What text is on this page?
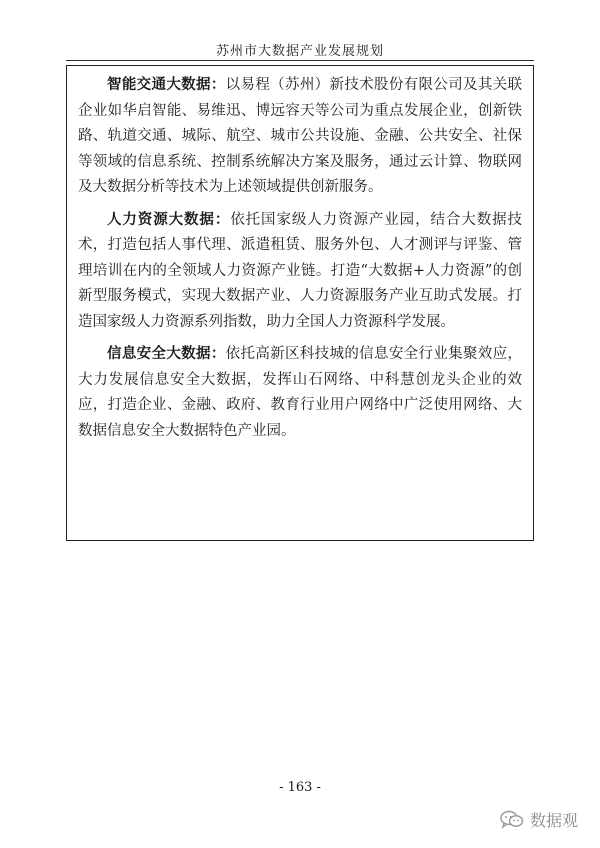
苏州市大数据产业发展规划

智能交通大数据：以易程（苏州）新技术股份有限公司及其关联企业如华启智能、易维迅、博远容天等公司为重点发展企业，创新铁路、轨道交通、城际、航空、城市公共设施、金融、公共安全、社保等领域的信息系统、控制系统解决方案及服务，通过云计算、物联网及大数据分析等技术为上述领域提供创新服务。

人力资源大数据：依托国家级人力资源产业园，结合大数据技术，打造包括人事代理、派遣租赁、服务外包、人才测评与评鉴、管理培训在内的全领域人力资源产业链。打造“大数据+人力资源”的创新型服务模式，实现大数据产业、人力资源服务产业互助式发展。打造国家级人力资源系列指数，助力全国人力资源科学发展。

信息安全大数据：依托高新区科技城的信息安全行业集聚效应，大力发展信息安全大数据，发挥山石网络、中科慧创龙头企业的效应，打造企业、金融、政府、教育行业用户网络中广泛使用网络、大数据信息安全大数据特色产业园。

- 163 -
数据观
